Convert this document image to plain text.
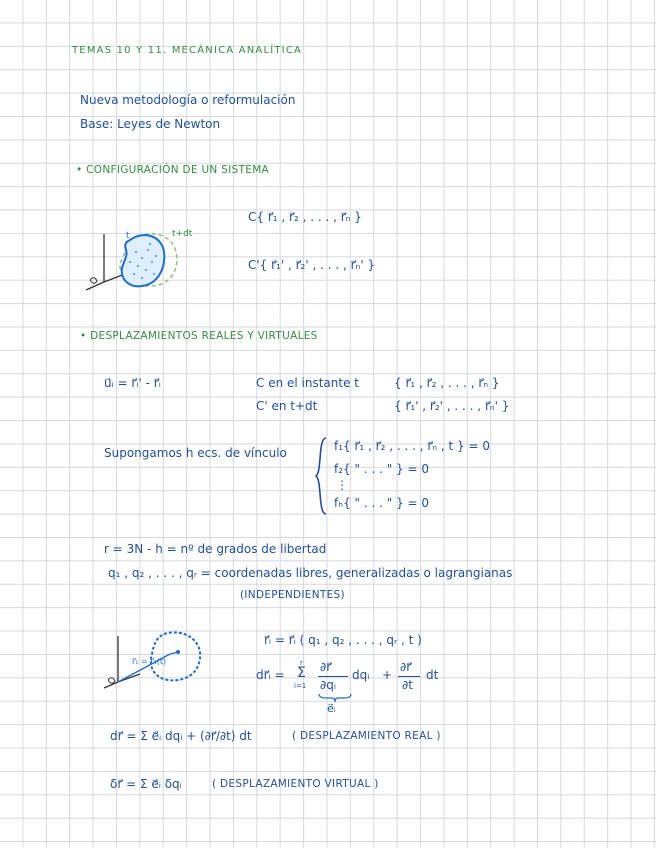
TEMAS 10 Y 11. MECÁNICA ANALÍTICA
Nueva metodología o reformulación
Base: Leyes de Newton
• CONFIGURACIÓN DE UN SISTEMA
t	t+dt
C{ r⃗₁ , r⃗₂ , . . . , r⃗ₙ }
C'{ r⃗₁' , r⃗₂' , . . . , r⃗ₙ' }
• DESPLAZAMIENTOS REALES Y VIRTUALES
u⃗ᵢ = r⃗ᵢ' - r⃗ᵢ	C en el instante t	{ r⃗₁ , r⃗₂ , . . . , r⃗ₙ }
C' en t+dt	{ r⃗₁' , r⃗₂' , . . . , r⃗ₙ' }
Supongamos h ecs. de vínculo	f₁{ r⃗₁ , r⃗₂ , . . . , r⃗ₙ , t } = 0
f₂{ " . . . " } = 0
⋮
fₕ{ " . . . " } = 0
r = 3N - h = nº de grados de libertad
q₁ , q₂ , . . . , qᵣ = coordenadas libres, generalizadas o lagrangianas
(INDEPENDIENTES)
r⃗₁ = r⃗₁(t)
r⃗ᵢ = r⃗ᵢ ( q₁ , q₂ , . . . , qᵣ , t )
dr⃗ᵢ =
r
Σ
i=1
∂r⃗
∂qᵢ
dqᵢ +
∂r⃗
∂t
dt
e⃗ᵢ
dr⃗ = Σ e⃗ᵢ dqᵢ + (∂r⃗/∂t) dt	( DESPLAZAMIENTO REAL )
δr⃗ = Σ e⃗ᵢ δqᵢ	( DESPLAZAMIENTO VIRTUAL )
